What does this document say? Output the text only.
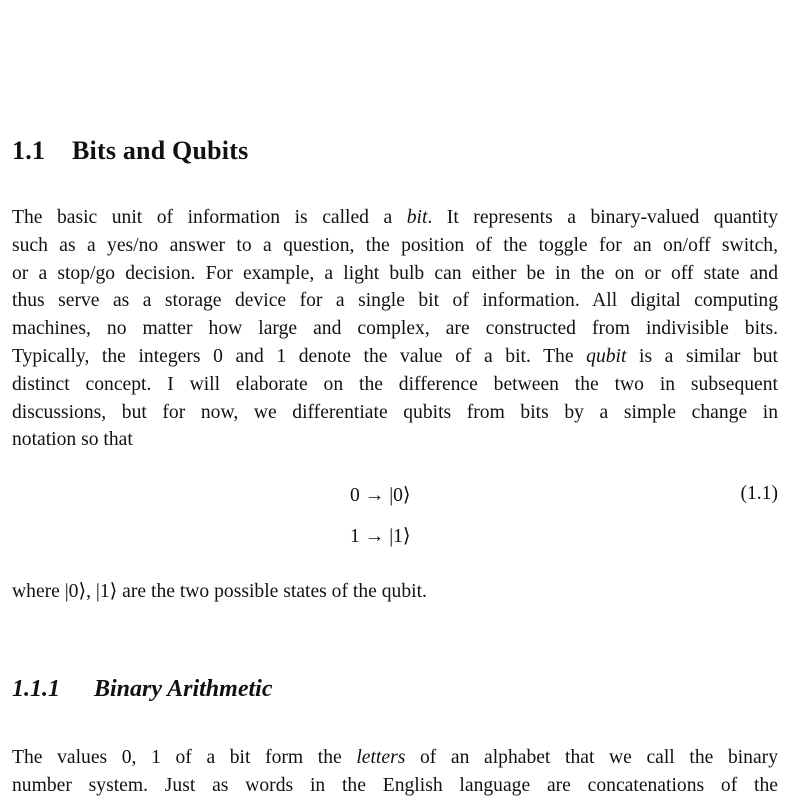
1.1 Bits and Qubits
The basic unit of information is called a bit. It represents a binary-valued quantity
such as a yes/no answer to a question, the position of the toggle for an on/off switch,
or a stop/go decision. For example, a light bulb can either be in the on or off state and
thus serve as a storage device for a single bit of information. All digital computing
machines, no matter how large and complex, are constructed from indivisible bits.
Typically, the integers 0 and 1 denote the value of a bit. The qubit is a similar but
distinct concept. I will elaborate on the difference between the two in subsequent
discussions, but for now, we differentiate qubits from bits by a simple change in
notation so that
0 → |0⟩	(1.1)
1 → |1⟩
where |0⟩, |1⟩ are the two possible states of the qubit.
1.1.1 Binary Arithmetic
The values 0, 1 of a bit form the letters of an alphabet that we call the binary
number system. Just as words in the English language are concatenations of the
